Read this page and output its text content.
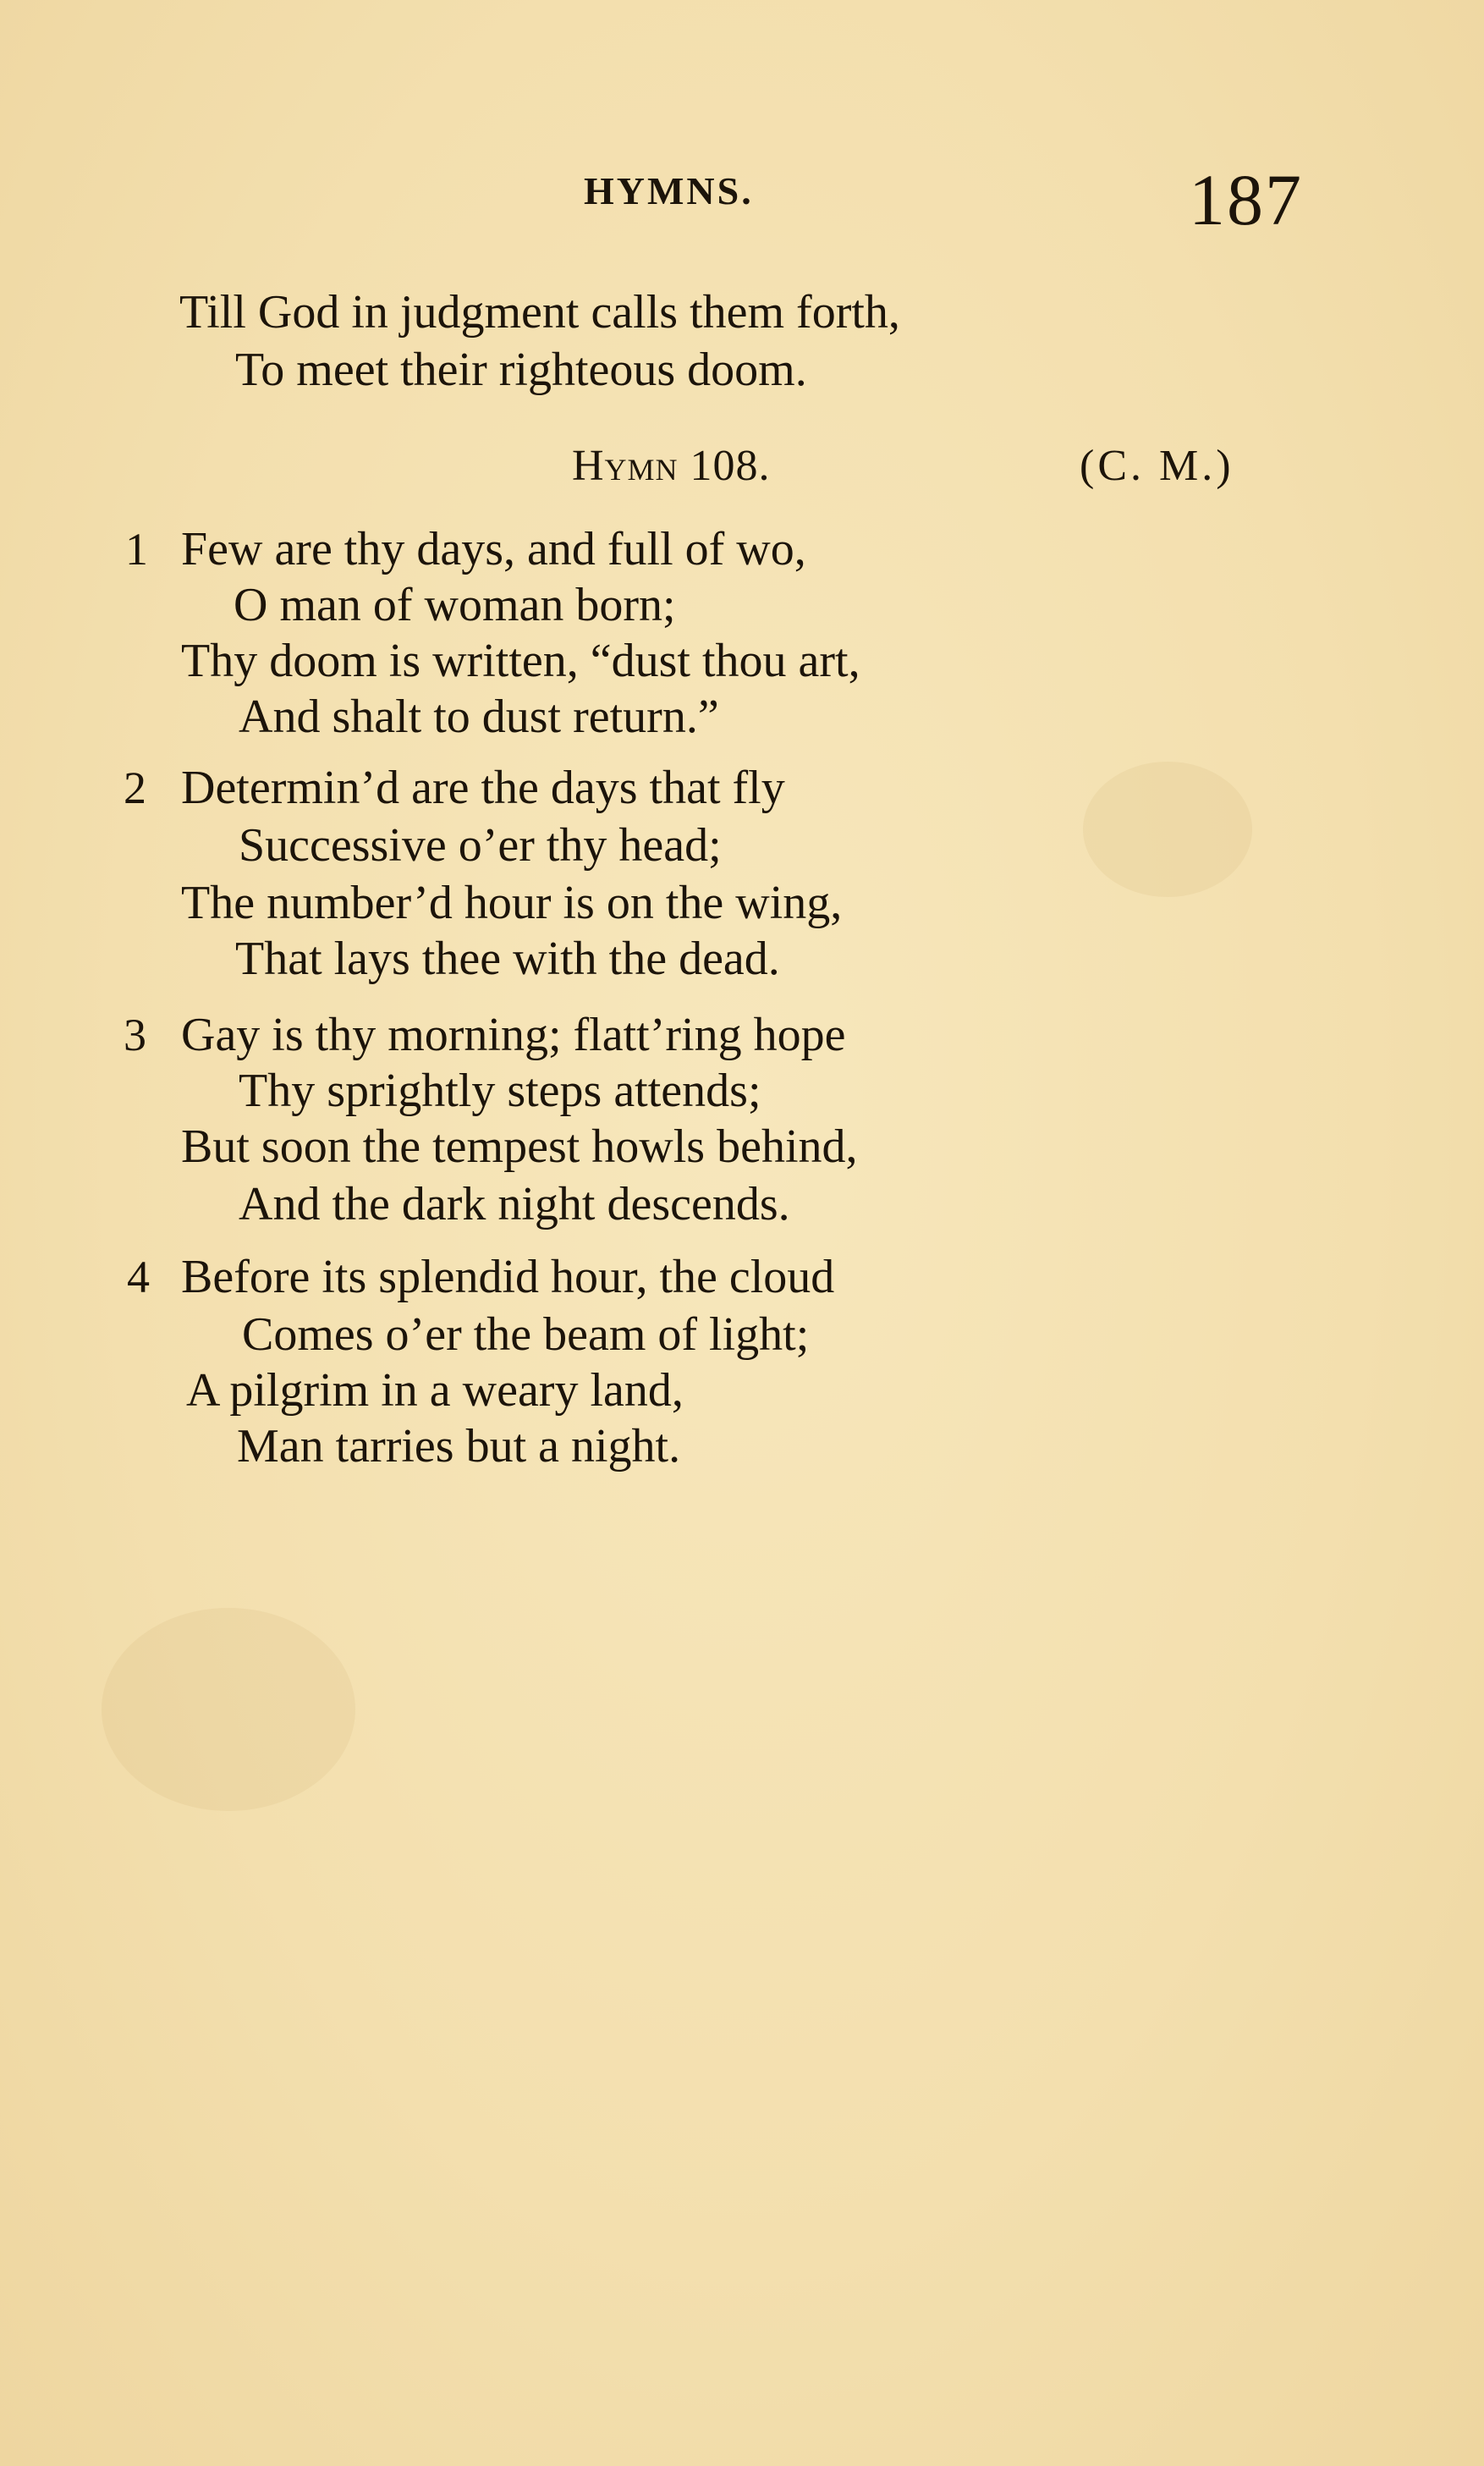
HYMNS.	187
Till God in judgment calls them forth,
To meet their righteous doom.
Hymn 108.	(C. M.)
1 Few are thy days, and full of wo,
O man of woman born;
Thy doom is written, “dust thou art,
And shalt to dust return.”
2 Determin’d are the days that fly
Successive o’er thy head;
The number’d hour is on the wing,
That lays thee with the dead.
3 Gay is thy morning; flatt’ring hope
Thy sprightly steps attends;
But soon the tempest howls behind,
And the dark night descends.
4 Before its splendid hour, the cloud
Comes o’er the beam of light;
A pilgrim in a weary land,
Man tarries but a night.
